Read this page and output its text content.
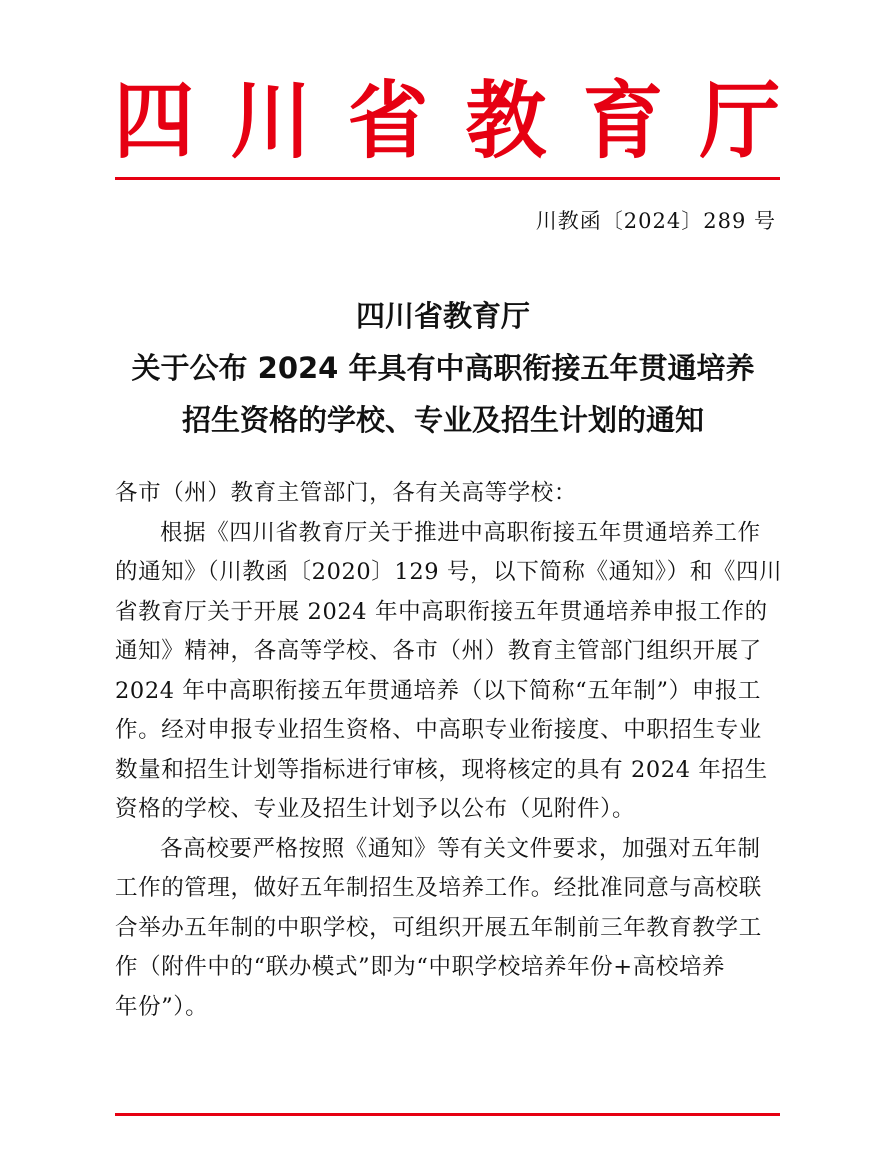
四 川 省 教 育 厅
川教函〔2024〕289 号
四川省教育厅
关于公布 2024 年具有中高职衔接五年贯通培养
招生资格的学校、专业及招生计划的通知
各市（州）教育主管部门，各有关高等学校：
根据《四川省教育厅关于推进中高职衔接五年贯通培养工作
的通知》（川教函〔2020〕129 号，以下简称《通知》）和《四川
省教育厅关于开展 2024 年中高职衔接五年贯通培养申报工作的
通知》精神，各高等学校、各市（州）教育主管部门组织开展了
2024 年中高职衔接五年贯通培养（以下简称“五年制”）申报工
作。经对申报专业招生资格、中高职专业衔接度、中职招生专业
数量和招生计划等指标进行审核，现将核定的具有 2024 年招生
资格的学校、专业及招生计划予以公布（见附件）。
各高校要严格按照《通知》等有关文件要求，加强对五年制
工作的管理，做好五年制招生及培养工作。经批准同意与高校联
合举办五年制的中职学校，可组织开展五年制前三年教育教学工
作（附件中的“联办模式”即为“中职学校培养年份+高校培养
年份”）。
